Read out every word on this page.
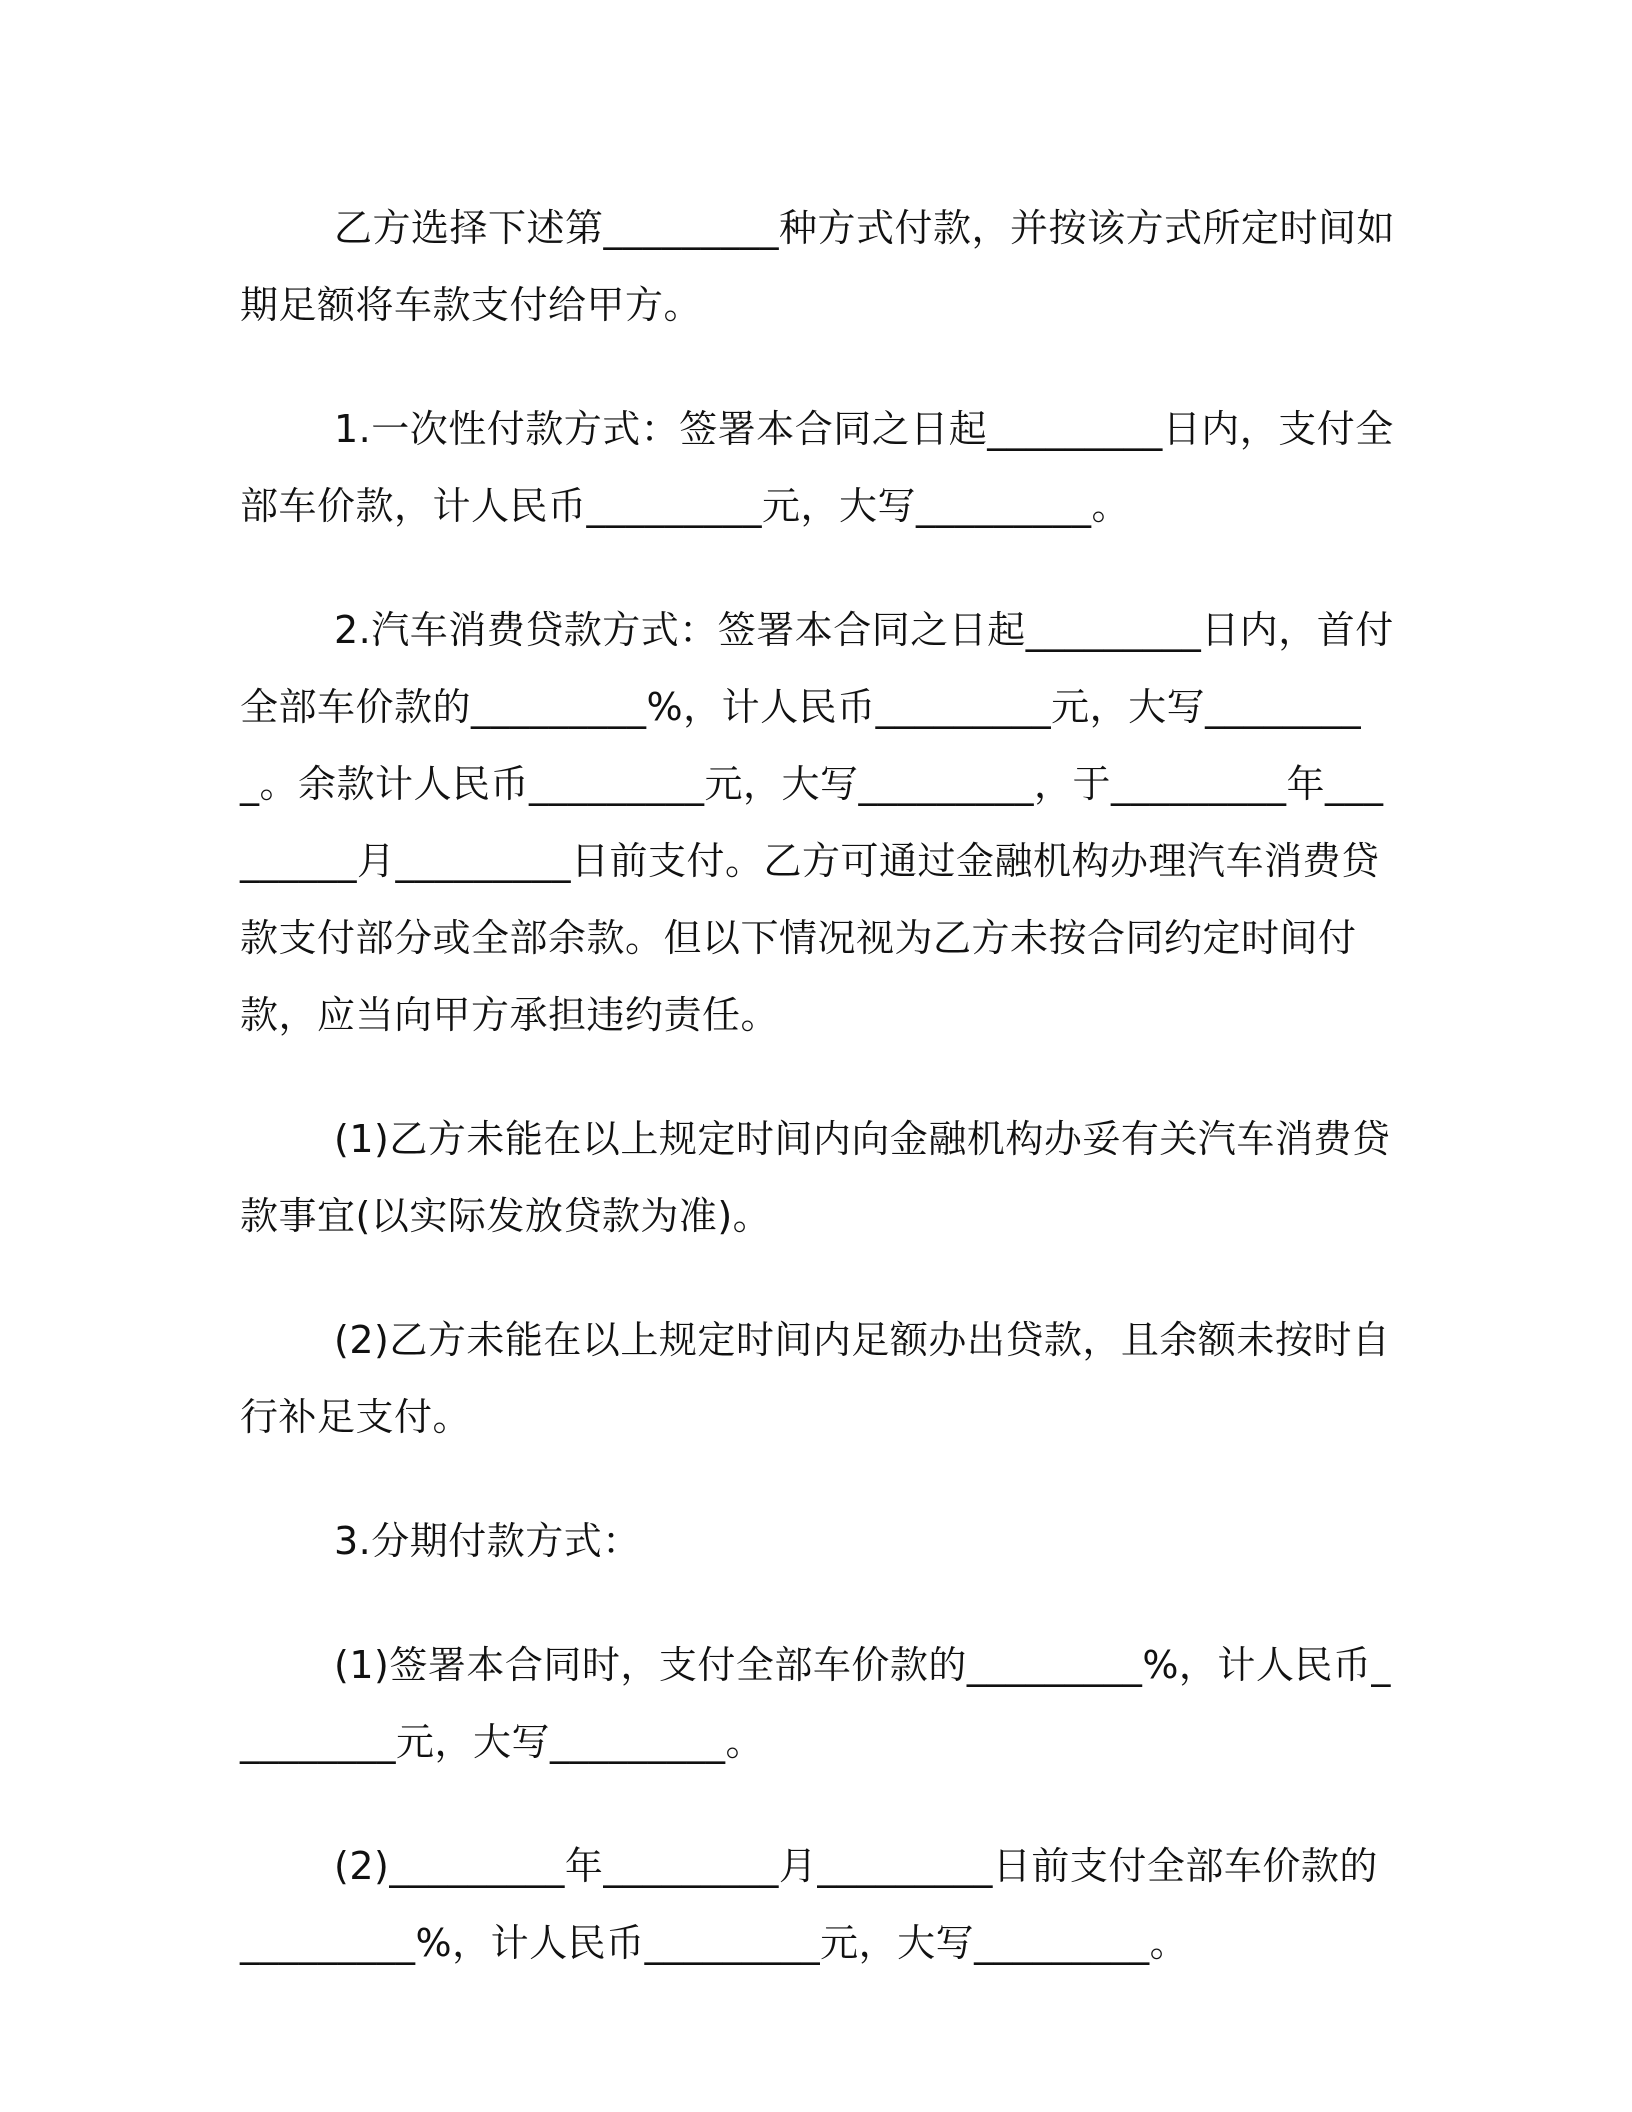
乙方选择下述第_________种方式付款，并按该方式所定时间如期足额将车款支付给甲方。

1.一次性付款方式：签署本合同之日起_________日内，支付全部车价款，计人民币_________元，大写_________。

2.汽车消费贷款方式：签署本合同之日起_________日内，首付全部车价款的_________%，计人民币_________元，大写_________。余款计人民币_________元，大写_________，于_________年_________月_________日前支付。乙方可通过金融机构办理汽车消费贷款支付部分或全部余款。但以下情况视为乙方未按合同约定时间付款，应当向甲方承担违约责任。

(1)乙方未能在以上规定时间内向金融机构办妥有关汽车消费贷款事宜(以实际发放贷款为准)。

(2)乙方未能在以上规定时间内足额办出贷款，且余额未按时自行补足支付。

3.分期付款方式：

(1)签署本合同时，支付全部车价款的_________%，计人民币_________元，大写_________。

(2)_________年_________月_________日前支付全部车价款的_________%，计人民币_________元，大写_________。
